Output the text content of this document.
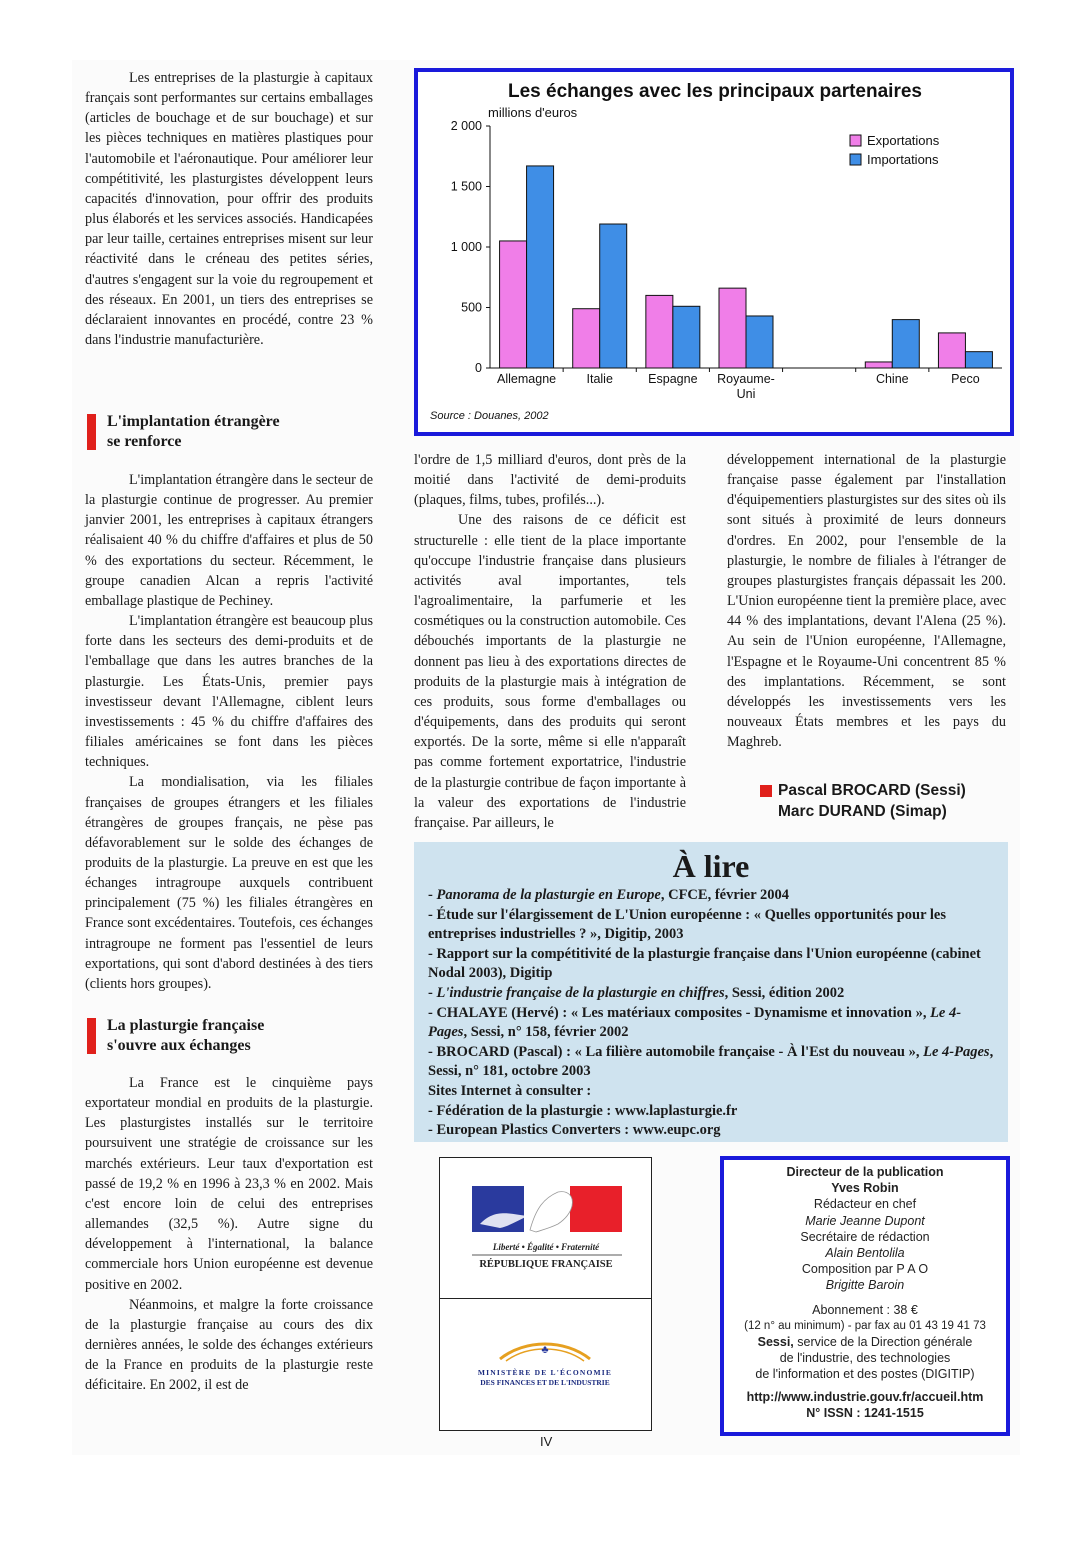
Les entreprises de la plasturgie à capitaux français sont performantes sur certains emballages (articles de bouchage et de sur bouchage) et sur les pièces techniques en matières plastiques pour l'automobile et l'aéronautique. Pour améliorer leur compétitivité, les plasturgistes développent leurs capacités d'innovation, pour offrir des produits plus élaborés et les services associés. Handicapées par leur taille, certaines entreprises misent sur leur réactivité dans le créneau des petites séries, d'autres s'engagent sur la voie du regroupement et des réseaux. En 2001, un tiers des entreprises se déclaraient innovantes en procédé, contre 23 % dans l'industrie manufacturière.

L'implantation étrangère
se renforce

L'implantation étrangère dans le secteur de la plasturgie continue de progresser. Au premier janvier 2001, les entreprises à capitaux étrangers réalisaient 40 % du chiffre d'affaires et plus de 50 % des exportations du secteur. Récemment, le groupe canadien Alcan a repris l'activité emballage plastique de Pechiney.

L'implantation étrangère est beaucoup plus forte dans les secteurs des demi-produits et de l'emballage que dans les autres branches de la plasturgie. Les États-Unis, premier pays investisseur devant l'Allemagne, ciblent leurs investissements : 45 % du chiffre d'affaires des filiales américaines se font dans les pièces techniques.

La mondialisation, via les filiales françaises de groupes étrangers et les filiales étrangères de groupes français, ne pèse pas défavorablement sur le solde des échanges de produits de la plasturgie. La preuve en est que les échanges intragroupe auxquels contribuent principalement (75 %) les filiales étrangères en France sont excédentaires. Toutefois, ces échanges intragroupe ne forment pas l'essentiel de leurs exportations, qui sont d'abord destinées à des tiers (clients hors groupes).

La plasturgie française
s'ouvre aux échanges

La France est le cinquième pays exportateur mondial en produits de la plasturgie. Les plasturgistes installés sur le territoire poursuivent une stratégie de croissance sur les marchés extérieurs. Leur taux d'exportation est passé de 19,2 % en 1996 à 23,3 % en 2002. Mais c'est encore loin de celui des entreprises allemandes (32,5 %). Autre signe du développement à l'international, la balance commerciale hors Union européenne est devenue positive en 2002.

Néanmoins, et malgre la forte croissance de la plasturgie française au cours des dix dernières années, le solde des échanges extérieurs de la France en produits de la plasturgie reste déficitaire. En 2002, il est de

Les échanges avec les principaux partenaires
millions d'euros
Source : Douanes, 2002
0
500
1 000
1 500
2 000
Allemagne Italie	Espagne Royaume-
Uni
Chine	Peco
Exportations
Importations

l'ordre de 1,5 milliard d'euros, dont près de la moitié dans l'activité de demi-produits (plaques, films, tubes, profilés...).

Une des raisons de ce déficit est structurelle : elle tient de la place importante qu'occupe l'industrie française dans plusieurs activités aval importantes, tels l'agroalimentaire, la parfumerie et les cosmétiques ou la construction automobile. Ces débouchés importants de la plasturgie ne donnent pas lieu à des exportations directes de produits de la plasturgie mais à intégration de ces produits, sous forme d'emballages ou d'équipements, dans des produits qui seront exportés. De la sorte, même si elle n'apparaît pas comme fortement exportatrice, l'industrie de la plasturgie contribue de façon importante à la valeur des exportations de l'industrie française. Par ailleurs, le

développement international de la plasturgie française passe également par l'installation d'équipementiers plasturgistes sur des sites où ils sont situés à proximité de leurs donneurs d'ordres. En 2002, pour l'ensemble de la plasturgie, le nombre de filiales à l'étranger de groupes plasturgistes français dépassait les 200. L'Union européenne tient la première place, avec 44 % des implantations, devant l'Alena (25 %). Au sein de l'Union européenne, l'Allemagne, l'Espagne et le Royaume-Uni concentrent 85 % des implantations. Récemment, se sont développés les investissements vers les nouveaux États membres et les pays du Maghreb.

Pascal BROCARD (Sessi)
Marc DURAND (Simap)
À lire
- Panorama de la plasturgie en Europe, CFCE, février 2004
- Étude sur l'élargissement de L'Union européenne : « Quelles opportunités pour les entreprises industrielles ? », Digitip, 2003
- Rapport sur la compétitivité de la plasturgie française dans l'Union européenne (cabinet Nodal 2003), Digitip
- L'industrie française de la plasturgie en chiffres, Sessi, édition 2002
- CHALAYE (Hervé) : « Les matériaux composites - Dynamisme et innovation », Le 4- Pages, Sessi, n° 158, février 2002
- BROCARD (Pascal) : « La filière automobile française - À l'Est du nouveau », Le 4-Pages, Sessi, n° 181, octobre 2003
Sites Internet à consulter :
- Fédération de la plasturgie : www.laplasturgie.fr
- European Plastics Converters : www.eupc.org
Liberté • Égalité • Fraternité
RÉPUBLIQUE FRANÇAISE
♣
MINISTÈRE DE L'ÉCONOMIE
DES FINANCES ET DE L'INDUSTRIE
Directeur de la publication
Yves Robin
Rédacteur en chef
Marie Jeanne Dupont
Secrétaire de rédaction
Alain Bentolila
Composition par P A O
Brigitte Baroin
Abonnement : 38 €
(12 n° au minimum) - par fax au 01 43 19 41 73
Sessi, service de la Direction générale
de l'industrie, des technologies
de l'information et des postes (DIGITIP)
http://www.industrie.gouv.fr/accueil.htm
N° ISSN : 1241-1515
IV
